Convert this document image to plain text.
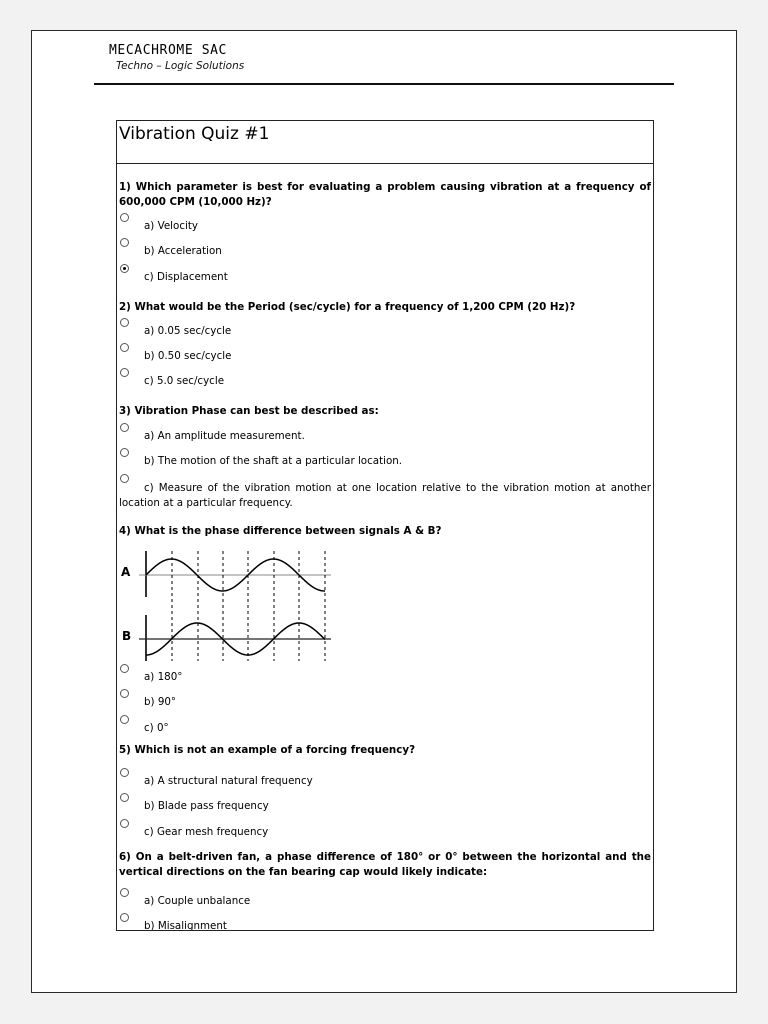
MECACHROME SAC
Techno – Logic Solutions
Vibration Quiz #1
1) Which parameter is best for evaluating a problem causing vibration at a frequency of 600,000 CPM (10,000 Hz)?
a) Velocity
b) Acceleration
c) Displacement
2) What would be the Period (sec/cycle) for a frequency of 1,200 CPM (20 Hz)?
a) 0.05 sec/cycle
b) 0.50 sec/cycle
c) 5.0 sec/cycle
3) Vibration Phase can best be described as:
a) An amplitude measurement.
b) The motion of the shaft at a particular location.
c) Measure of the vibration motion at one location relative to the vibration motion at another location at a particular frequency.
4) What is the phase difference between signals A & B?
A
B
a) 180°
b) 90°
c) 0°
5) Which is not an example of a forcing frequency?
a) A structural natural frequency
b) Blade pass frequency
c) Gear mesh frequency
6) On a belt-driven fan, a phase difference of 180° or 0° between the horizontal and the vertical directions on the fan bearing cap would likely indicate:
a) Couple unbalance
b) Misalignment
